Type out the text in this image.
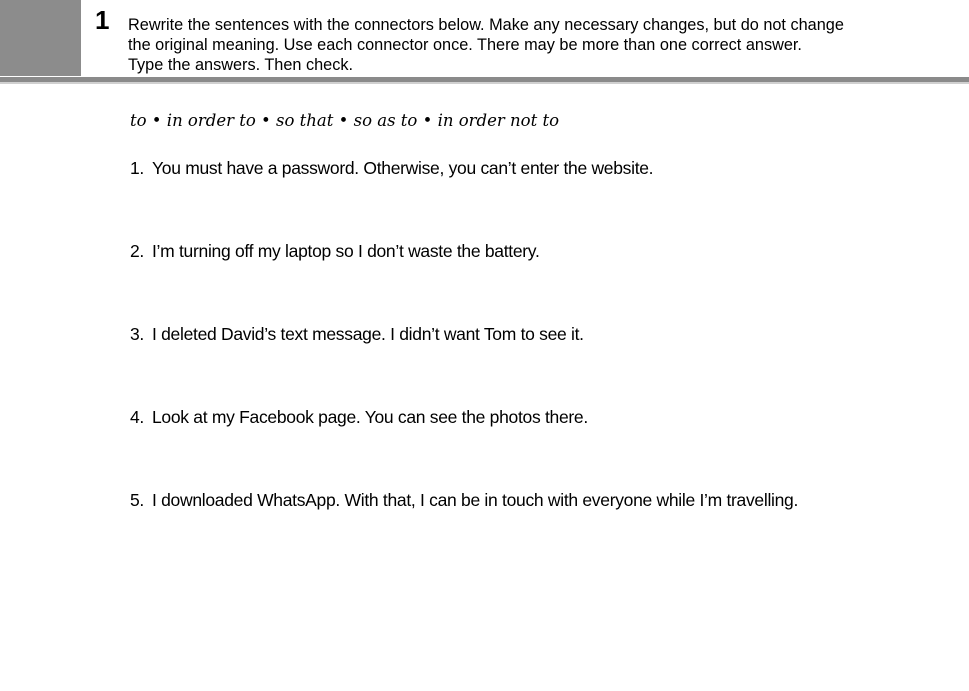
1 Rewrite the sentences with the connectors below. Make any necessary changes, but do not change
the original meaning. Use each connector once. There may be more than one correct answer.
Type the answers. Then check.
to • in order to • so that • so as to • in order not to
1. You must have a password. Otherwise, you can’t enter the website.
2. I’m turning off my laptop so I don’t waste the battery.
3. I deleted David’s text message. I didn’t want Tom to see it.
4. Look at my Facebook page. You can see the photos there.
5. I downloaded WhatsApp. With that, I can be in touch with everyone while I’m travelling.
